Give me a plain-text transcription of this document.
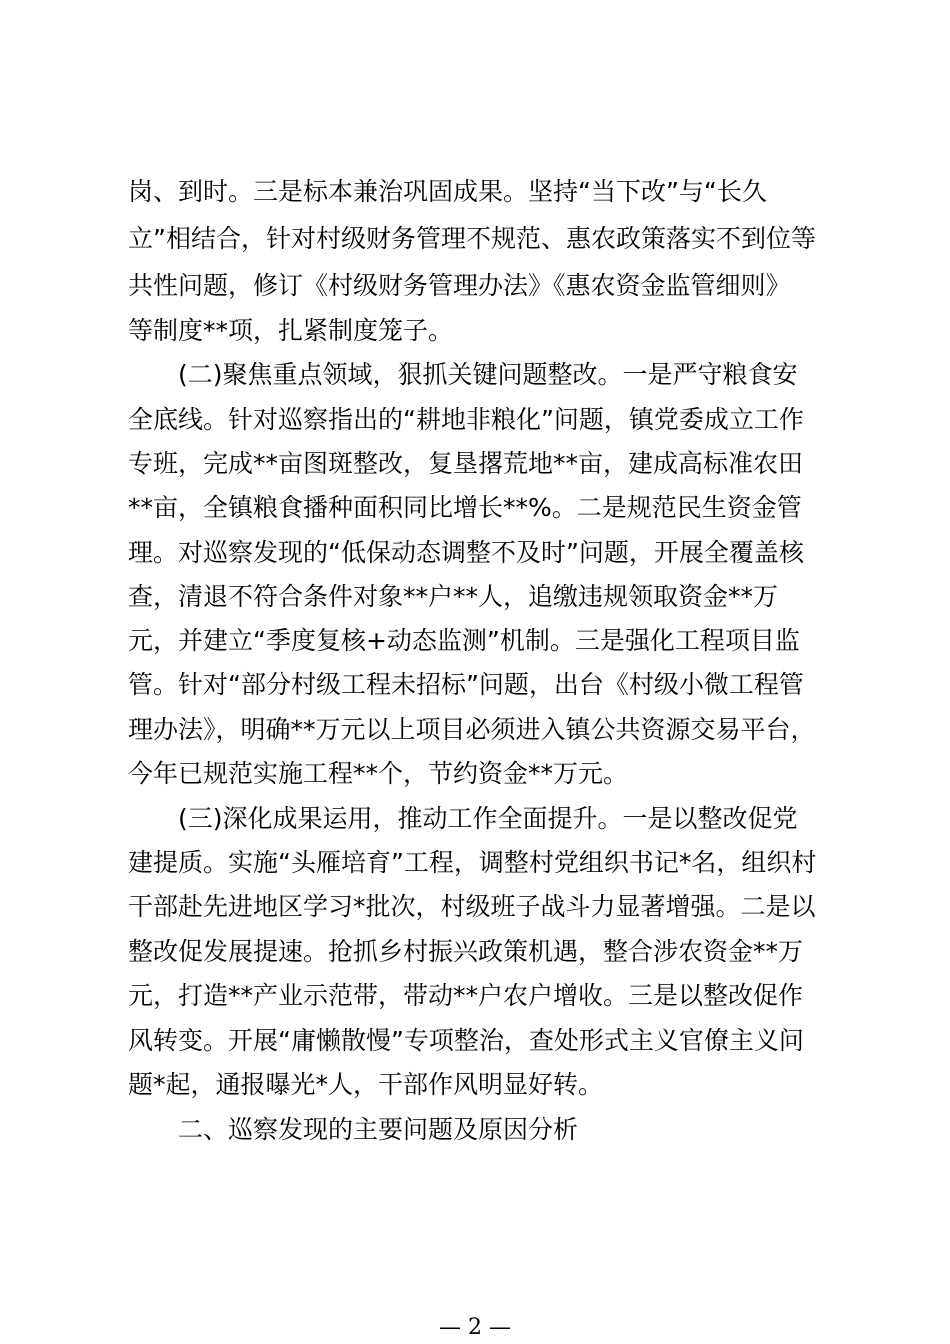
岗、到时。三是标本兼治巩固成果。坚持“当下改”与“长久
立”相结合，针对村级财务管理不规范、惠农政策落实不到位等
共性问题，修订《村级财务管理办法》《惠农资金监管细则》
等制度**项，扎紧制度笼子。
(二)聚焦重点领域，狠抓关键问题整改。一是严守粮食安
全底线。针对巡察指出的“耕地非粮化”问题，镇党委成立工作
专班，完成**亩图斑整改，复垦撂荒地**亩，建成高标准农田
**亩，全镇粮食播种面积同比增长**%。二是规范民生资金管
理。对巡察发现的“低保动态调整不及时”问题，开展全覆盖核
查，清退不符合条件对象**户**人，追缴违规领取资金**万
元，并建立“季度复核+动态监测”机制。三是强化工程项目监
管。针对“部分村级工程未招标”问题，出台《村级小微工程管
理办法》，明确**万元以上项目必须进入镇公共资源交易平台，
今年已规范实施工程**个，节约资金**万元。
(三)深化成果运用，推动工作全面提升。一是以整改促党
建提质。实施“头雁培育”工程，调整村党组织书记*名，组织村
干部赴先进地区学习*批次，村级班子战斗力显著增强。二是以
整改促发展提速。抢抓乡村振兴政策机遇，整合涉农资金**万
元，打造**产业示范带，带动**户农户增收。三是以整改促作
风转变。开展“庸懒散慢”专项整治，查处形式主义官僚主义问
题*起，通报曝光*人，干部作风明显好转。
二、巡察发现的主要问题及原因分析
— 2 —
